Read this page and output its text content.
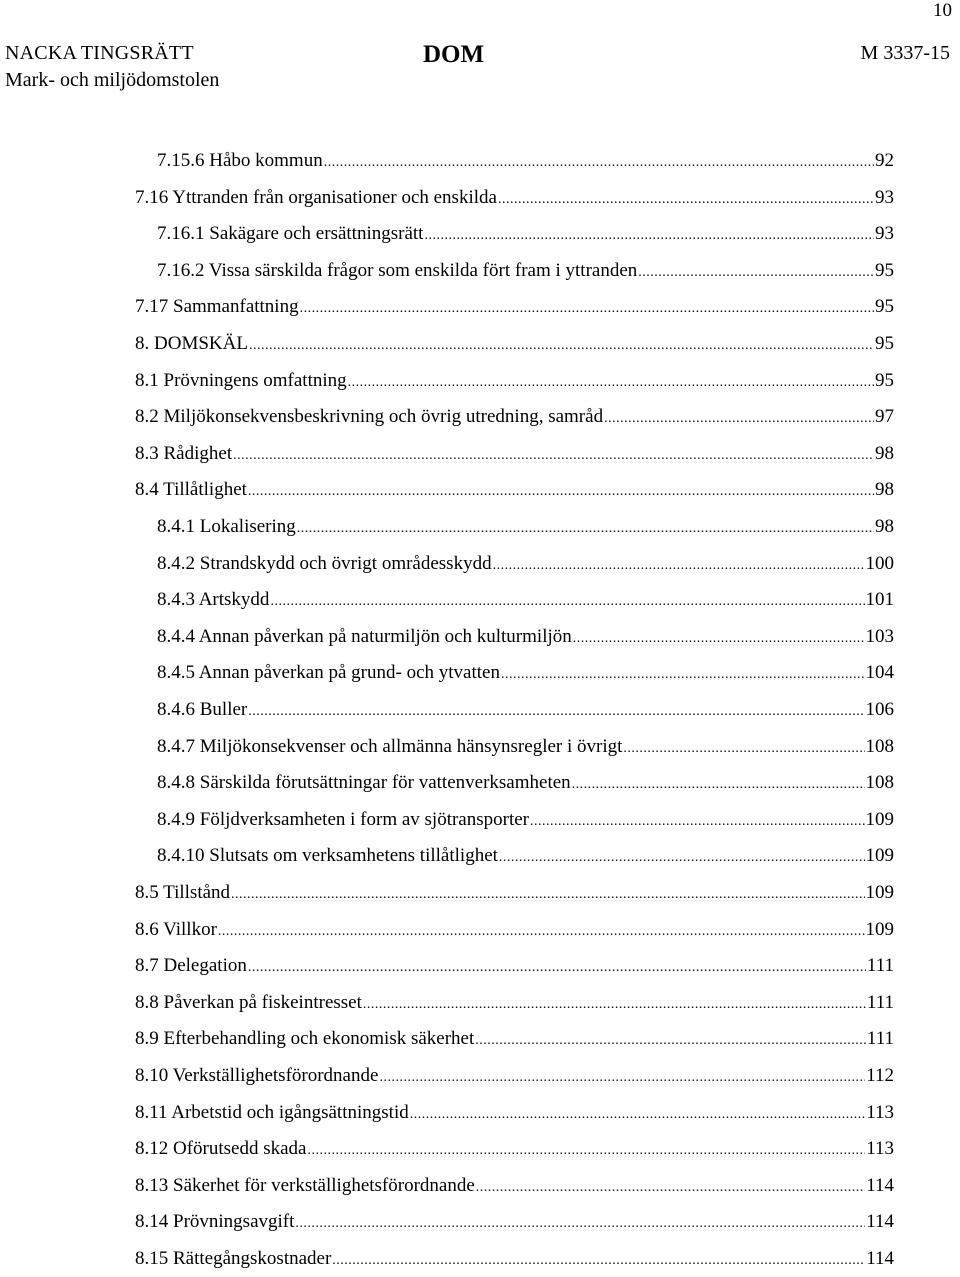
10
NACKA TINGSRÄTT
Mark- och miljödomstolen
DOM	M 3337-15
7.15.6 Håbo kommun .....	92
7.16 Yttranden från organisationer och enskilda .....	93
7.16.1 Sakägare och ersättningsrätt .....	93
7.16.2 Vissa särskilda frågor som enskilda fört fram i yttranden .....	95
7.17 Sammanfattning .....	95
8. DOMSKÄL .....	95
8.1 Prövningens omfattning .....	95
8.2 Miljökonsekvensbeskrivning och övrig utredning, samråd .....	97
8.3 Rådighet .....	98
8.4 Tillåtlighet .....	98
8.4.1 Lokalisering .....	98
8.4.2 Strandskydd och övrigt områdesskydd .....	100
8.4.3 Artskydd .....	101
8.4.4 Annan påverkan på naturmiljön och kulturmiljön .....	103
8.4.5 Annan påverkan på grund- och ytvatten .....	104
8.4.6 Buller .....	106
8.4.7 Miljökonsekvenser och allmänna hänsynsregler i övrigt .....	108
8.4.8 Särskilda förutsättningar för vattenverksamheten .....	108
8.4.9 Följdverksamheten i form av sjötransporter .....	109
8.4.10 Slutsats om verksamhetens tillåtlighet .....	109
8.5 Tillstånd .....	109
8.6 Villkor .....	109
8.7 Delegation .....	111
8.8 Påverkan på fiskeintresset .....	111
8.9 Efterbehandling och ekonomisk säkerhet .....	111
8.10 Verkställighetsförordnande .....	112
8.11 Arbetstid och igångsättningstid .....	113
8.12 Oförutsedd skada .....	113
8.13 Säkerhet för verkställighetsförordnande .....	114
8.14 Prövningsavgift .....	114
8.15 Rättegångskostnader .....	114
